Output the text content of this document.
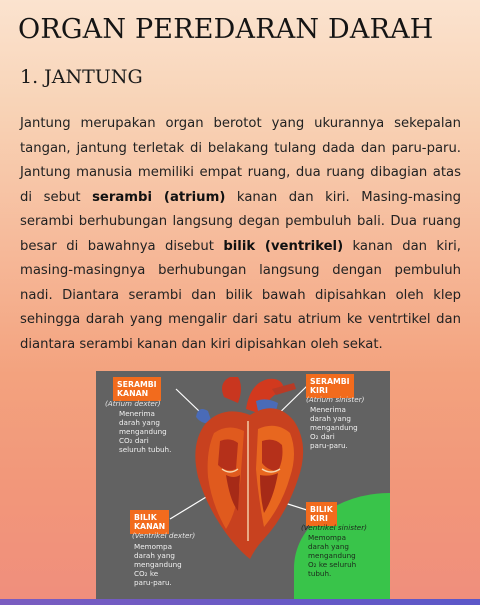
ORGAN PEREDARAN DARAH
1. JANTUNG

Jantung merupakan organ berotot yang ukurannya sekepalan tangan, jantung terletak di belakang tulang dada dan paru-paru. Jantung manusia memiliki empat ruang, dua ruang dibagian atas di sebut serambi (atrium) kanan dan kiri. Masing-masing serambi berhubungan langsung degan pembuluh bali. Dua ruang besar di bawahnya disebut bilik (ventrikel) kanan dan kiri, masing-masingnya berhubungan langsung dengan pembuluh nadi. Diantara serambi dan bilik bawah dipisahkan oleh klep sehingga darah yang mengalir dari satu atrium ke ventrtikel dan diantara serambi kanan dan kiri dipisahkan oleh sekat.

SERAMBI
KANAN
(Atrium dexter)
Menerima
darah yang
mengandung
CO₂ dari
seluruh tubuh.
SERAMBI
KIRI
(Atrium sinister)
Menerima
darah yang
mengandung
O₂ dari
paru-paru.
BILIK
KANAN
(Ventrikel dexter)
Memompa
darah yang
mengandung
CO₂ ke
paru-paru.
BILIK
KIRI
(Ventrikel sinister)
Memompa
darah yang
mengandung
O₂ ke seluruh
tubuh.
